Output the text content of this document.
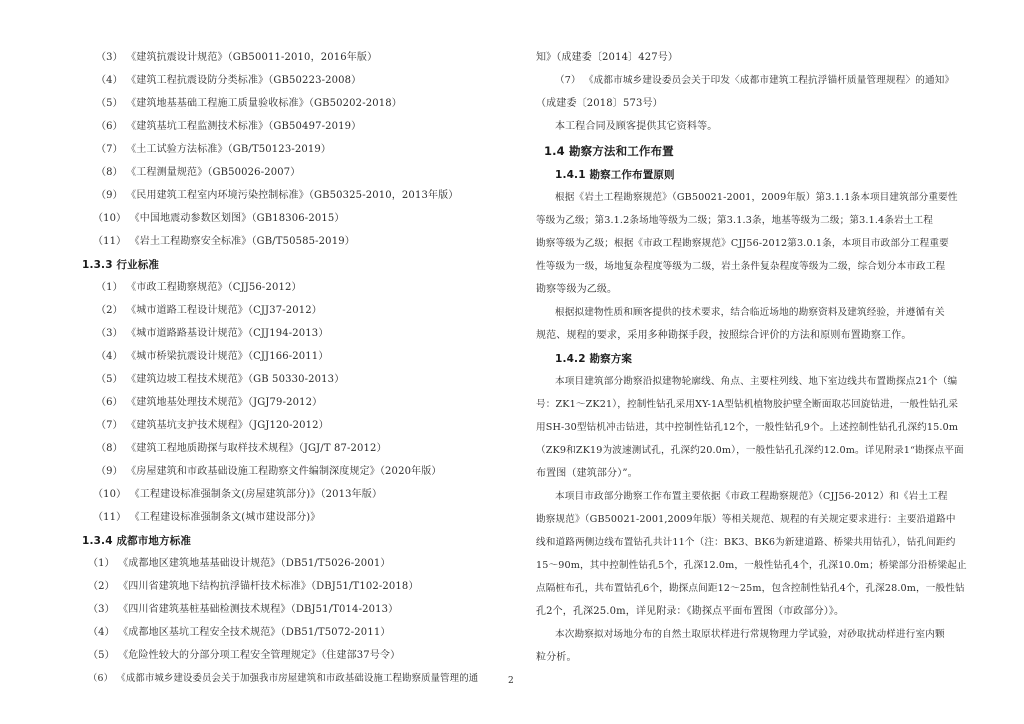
（3） 《建筑抗震设计规范》（GB50011-2010，2016年版）
（4） 《建筑工程抗震设防分类标准》（GB50223-2008）
（5） 《建筑地基基础工程施工质量验收标准》（GB50202-2018）
（6） 《建筑基坑工程监测技术标准》（GB50497-2019）
（7） 《土工试验方法标准》（GB/T50123-2019）
（8） 《工程测量规范》（GB50026-2007）
（9） 《民用建筑工程室内环境污染控制标准》（GB50325-2010，2013年版）
（10） 《中国地震动参数区划图》（GB18306-2015）
（11） 《岩土工程勘察安全标准》（GB/T50585-2019）
1.3.3 行业标准
（1） 《市政工程勘察规范》（CJJ56-2012）
（2） 《城市道路工程设计规范》（CJJ37-2012）
（3） 《城市道路路基设计规范》（CJJ194-2013）
（4） 《城市桥梁抗震设计规范》（CJJ166-2011）
（5） 《建筑边坡工程技术规范》（GB 50330-2013）
（6） 《建筑地基处理技术规范》（JGJ79-2012）
（7） 《建筑基坑支护技术规程》（JGJ120-2012）
（8） 《建筑工程地质勘探与取样技术规程》（JGJ/T 87-2012）
（9） 《房屋建筑和市政基础设施工程勘察文件编制深度规定》（2020年版）
（10） 《工程建设标准强制条文(房屋建筑部分)》（2013年版）
（11） 《工程建设标准强制条文(城市建设部分)》
1.3.4 成都市地方标准
（1） 《成都地区建筑地基基础设计规范》（DB51/T5026-2001）
（2） 《四川省建筑地下结构抗浮锚杆技术标准》（DBJ51/T102-2018）
（3） 《四川省建筑基桩基础检测技术规程》（DBJ51/T014-2013）
（4） 《成都地区基坑工程安全技术规范》（DB51/T5072-2011）
（5） 《危险性较大的分部分项工程安全管理规定》（住建部37号令）
（6） 《成都市城乡建设委员会关于加强我市房屋建筑和市政基础设施工程勘察质量管理的通
知》（成建委〔2014〕427号）
（7） 《成都市城乡建设委员会关于印发〈成都市建筑工程抗浮锚杆质量管理规程〉的通知》
（成建委〔2018〕573号）
本工程合同及顾客提供其它资料等。
1.4 勘察方法和工作布置
1.4.1 勘察工作布置原则
根据《岩土工程勘察规范》（GB50021-2001，2009年版）第3.1.1条本项目建筑部分重要性
等级为乙级；第3.1.2条场地等级为二级；第3.1.3条，地基等级为二级；第3.1.4条岩土工程
勘察等级为乙级；根据《市政工程勘察规范》CJJ56-2012第3.0.1条，本项目市政部分工程重要
性等级为一级，场地复杂程度等级为二级，岩土条件复杂程度等级为二级，综合划分本市政工程
勘察等级为乙级。
根据拟建物性质和顾客提供的技术要求，结合临近场地的勘察资料及建筑经验，并遵循有关
规范、规程的要求，采用多种勘探手段，按照综合评价的方法和原则布置勘察工作。
1.4.2 勘察方案
本项目建筑部分勘察沿拟建物轮廓线、角点、主要柱列线、地下室边线共布置勘探点21个（编
号：ZK1～ZK21），控制性钻孔采用XY-1A型钻机植物胶护壁全断面取芯回旋钻进，一般性钻孔采
用SH-30型钻机冲击钻进，其中控制性钻孔12个，一般性钻孔9个。上述控制性钻孔孔深约15.0m
（ZK9和ZK19为波速测试孔，孔深约20.0m），一般性钻孔孔深约12.0m。详见附录1“勘探点平面
布置图（建筑部分）”。
本项目市政部分勘察工作布置主要依据《市政工程勘察规范》（CJJ56-2012）和《岩土工程
勘察规范》（GB50021-2001,2009年版）等相关规范、规程的有关规定要求进行：主要沿道路中
线和道路两侧边线布置钻孔共计11个（注：BK3、BK6为新建道路、桥梁共用钻孔），钻孔间距约
15～90m，其中控制性钻孔5个，孔深12.0m，一般性钻孔4个，孔深10.0m；桥梁部分沿桥梁起止
点隔桩布孔，共布置钻孔6个，勘探点间距12～25m，包含控制性钻孔4个，孔深28.0m，一般性钻
孔2个，孔深25.0m，详见附录：《勘探点平面布置图（市政部分）》。
本次勘察拟对场地分布的自然土取原状样进行常规物理力学试验，对砂取扰动样进行室内颗
粒分析。
2
